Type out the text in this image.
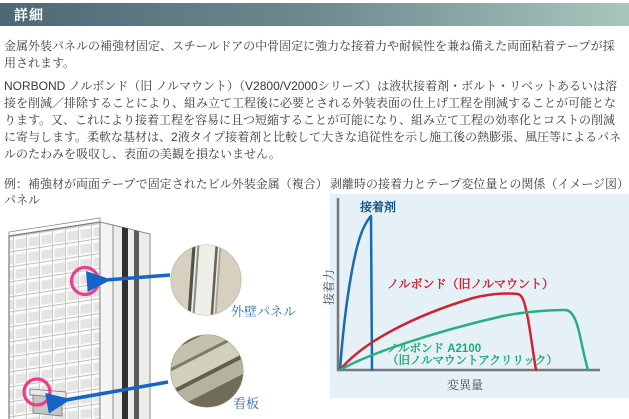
詳細

金属外装パネルの補強材固定、スチールドアの中骨固定に強力な接着力や耐候性を兼ね備えた両面粘着テープが採用されます。

NORBOND ノルボンド（旧 ノルマウント）（V2800/V2000シリーズ）は液状接着剤・ボルト・リベットあるいは溶接を削減／排除することにより、組み立て工程後に必要とされる外装表面の仕上げ工程を削減することが可能となります。又、これにより接着工程を容易に且つ短縮することが可能になり、組み立て工程の効率化とコストの削減に寄与します。柔軟な基材は、2液タイプ接着剤と比較して大きな追従性を示し施工後の熱膨張、風圧等によるパネルのたわみを吸収し、表面の美観を損ないません。

例：補強材が両面テープで固定されたビル外装金属（複合）パネル

外壁パネル
看板

剥離時の接着力とテープ変位量との関係（イメージ図）

接着剤
ノルボンド（旧ノルマウント）
ノルボンド A2100 （旧ノルマウントアクリリック）
変異量
接着力
